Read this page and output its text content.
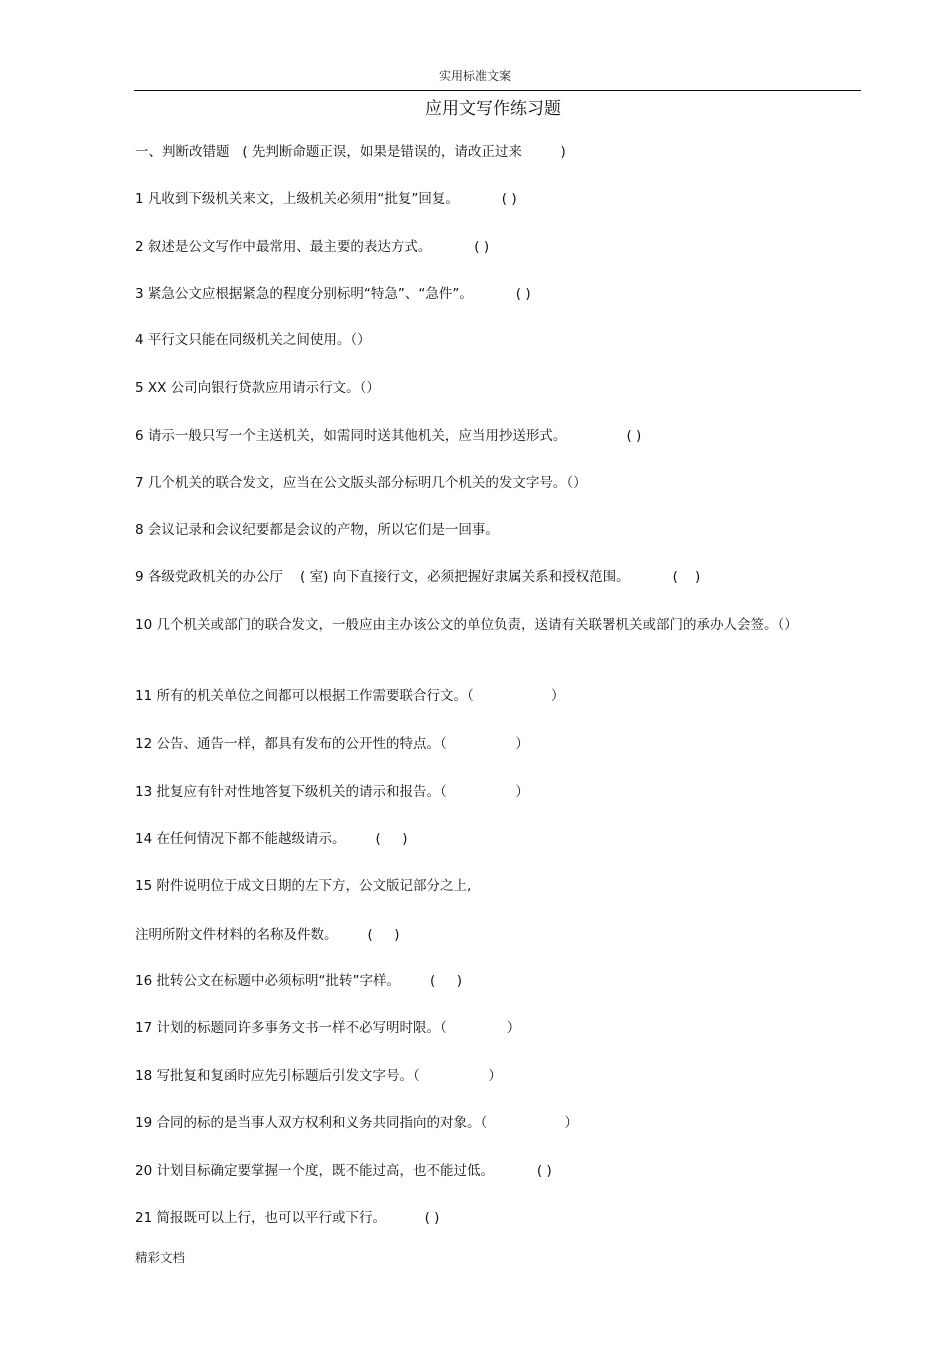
实用标准文案
应用文写作练习题
一、判断改错题   ( 先判断命题正误，如果是错误的，请改正过来         )
1 凡收到下级机关来文，上级机关必须用“批复”回复。          ( )
2 叙述是公文写作中最常用、最主要的表达方式。          ( )
3 紧急公文应根据紧急的程度分别标明“特急”、“急件”。          ( )
4 平行文只能在同级机关之间使用。（）
5 XX 公司向银行贷款应用请示行文。（）
6 请示一般只写一个主送机关，如需同时送其他机关，应当用抄送形式。              ( )
7 几个机关的联合发文，应当在公文版头部分标明几个机关的发文字号。（）
8 会议记录和会议纪要都是会议的产物，所以它们是一回事。
9 各级党政机关的办公厅    ( 室) 向下直接行文，必须把握好隶属关系和授权范围。          (    )
10 几个机关或部门的联合发文，一般应由主办该公文的单位负责，送请有关联署机关或部门的承办人会签。（）
11 所有的机关单位之间都可以根据工作需要联合行文。（                  ）
12 公告、通告一样，都具有发布的公开性的特点。（                ）
13 批复应有针对性地答复下级机关的请示和报告。（                ）
14 在任何情况下都不能越级请示。       (     )
15 附件说明位于成文日期的左下方，公文版记部分之上,
注明所附文件材料的名称及件数。       (     )
16 批转公文在标题中必须标明“批转”字样。       (     )
17 计划的标题同许多事务文书一样不必写明时限。（              ）
18 写批复和复函时应先引标题后引发文字号。（                ）
19 合同的标的是当事人双方权利和义务共同指向的对象。（                  ）
20 计划目标确定要掌握一个度，既不能过高，也不能过低。          ( )
21 简报既可以上行，也可以平行或下行。         ( )
精彩文档
